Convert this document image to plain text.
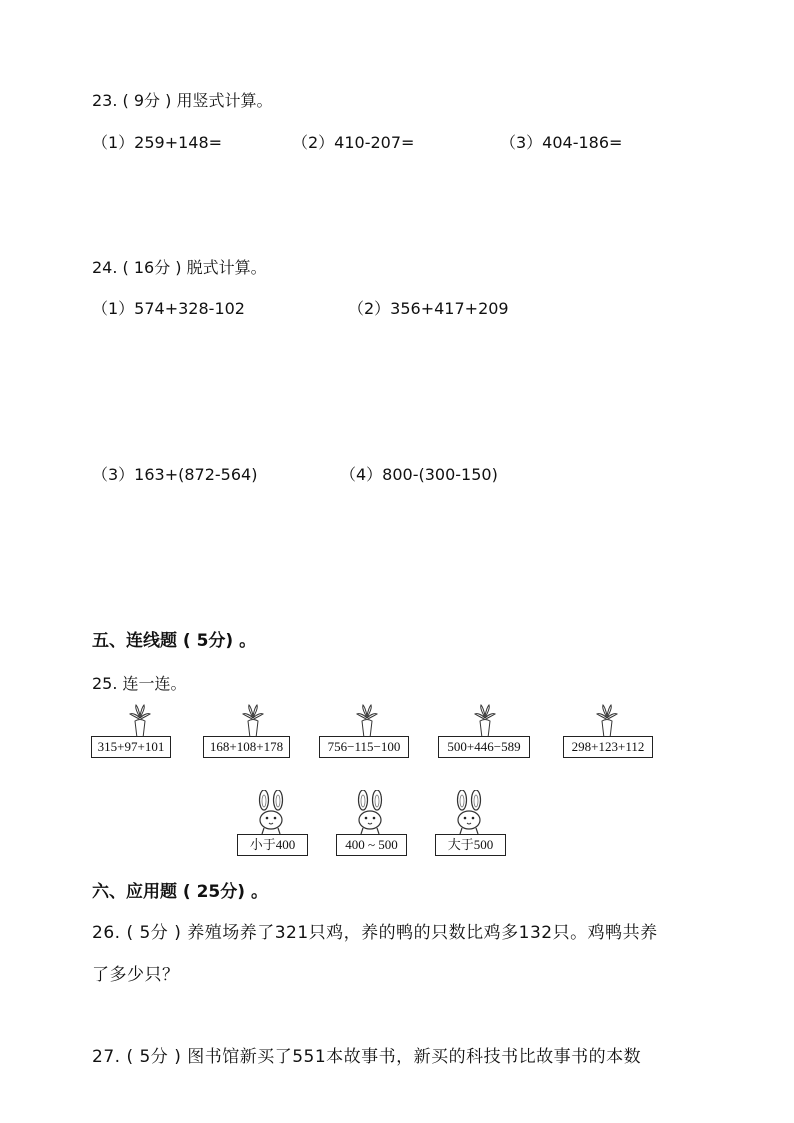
23. ( 9分 ) 用竖式计算。
（1）259+148=	（2）410-207=	（3）404-186=
24. ( 16分 ) 脱式计算。
（1）574+328-102	（2）356+417+209
（3）163+(872-564)	（4）800-(300-150)
五、连线题 ( 5分) 。
25. 连一连。
315+97+101	168+108+178	756−115−100	500+446−589	298+123+112
小于400	400 ~ 500	大于500
六、应用题 ( 25分) 。
26. ( 5分 ) 养殖场养了321只鸡，养的鸭的只数比鸡多132只。鸡鸭共养
了多少只？
27. ( 5分 ) 图书馆新买了551本故事书，新买的科技书比故事书的本数
